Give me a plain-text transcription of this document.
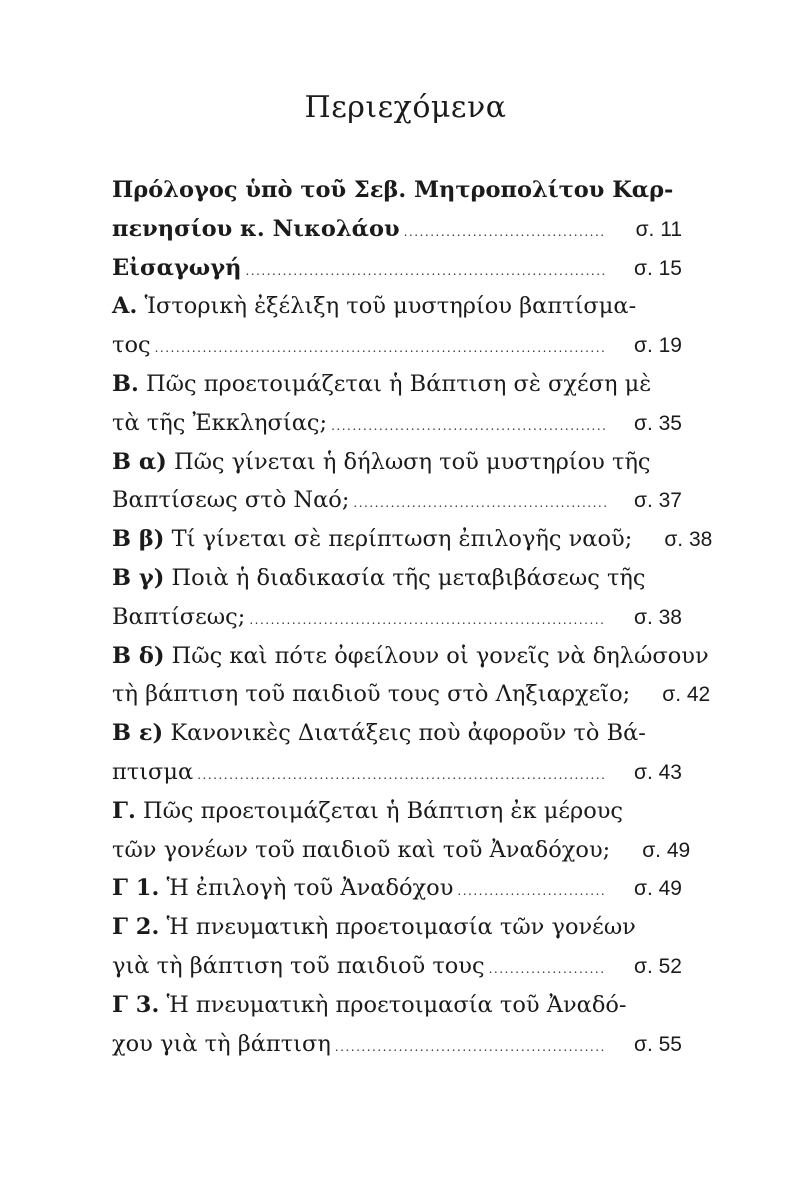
Περιεχόμενα
Πρόλογος ὑπὸ τοῦ Σεβ. Μητροπολίτου Καρ-
πενησίου κ. Νικολάου .....	σ. 11
Εἰσαγωγή .....	σ. 15
Α. Ἱστορικὴ ἐξέλιξη τοῦ μυστηρίου βαπτίσμα-
τος .....	σ. 19
Β. Πῶς προετοιμάζεται ἡ Βάπτιση σὲ σχέση μὲ
τὰ τῆς Ἐκκλησίας; .....	σ. 35
Β α) Πῶς γίνεται ἡ δήλωση τοῦ μυστηρίου τῆς
Βαπτίσεως στὸ Ναό; .....	σ. 37
Β β) Τί γίνεται σὲ περίπτωση ἐπιλογῆς ναοῦ;	σ. 38
Β γ) Ποιὰ ἡ διαδικασία τῆς μεταβιβάσεως τῆς
Βαπτίσεως; .....	σ. 38
Β δ) Πῶς καὶ πότε ὀφείλουν οἱ γονεῖς νὰ δηλώσουν
τὴ βάπτιση τοῦ παιδιοῦ τους στὸ Ληξιαρχεῖο;	σ. 42
Β ε) Κανονικὲς Διατάξεις ποὺ ἀφοροῦν τὸ Βά-
πτισμα .....	σ. 43
Γ. Πῶς προετοιμάζεται ἡ Βάπτιση ἐκ μέρους
τῶν γονέων τοῦ παιδιοῦ καὶ τοῦ Ἀναδόχου;	σ. 49
Γ 1. Ἡ ἐπιλογὴ τοῦ Ἀναδόχου .....	σ. 49
Γ 2. Ἡ πνευματικὴ προετοιμασία τῶν γονέων
γιὰ τὴ βάπτιση τοῦ παιδιοῦ τους .....	σ. 52
Γ 3. Ἡ πνευματικὴ προετοιμασία τοῦ Ἀναδό-
χου γιὰ τὴ βάπτιση .....	σ. 55
